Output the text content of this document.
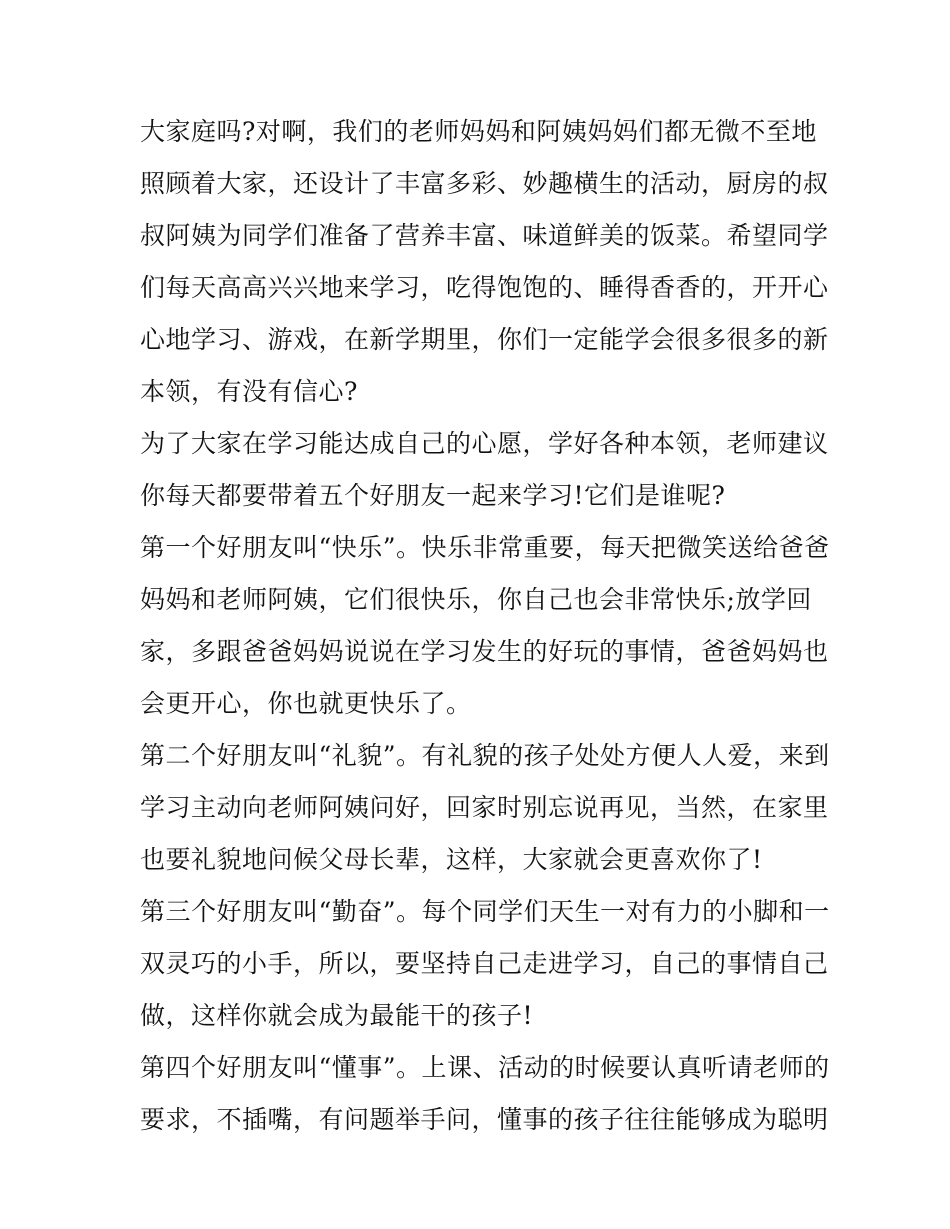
大家庭吗?对啊，我们的老师妈妈和阿姨妈妈们都无微不至地
照顾着大家，还设计了丰富多彩、妙趣横生的活动，厨房的叔
叔阿姨为同学们准备了营养丰富、味道鲜美的饭菜。希望同学
们每天高高兴兴地来学习，吃得饱饱的、睡得香香的，开开心
心地学习、游戏，在新学期里，你们一定能学会很多很多的新
本领，有没有信心?
为了大家在学习能达成自己的心愿，学好各种本领，老师建议
你每天都要带着五个好朋友一起来学习!它们是谁呢?
第一个好朋友叫“快乐”。快乐非常重要，每天把微笑送给爸爸
妈妈和老师阿姨，它们很快乐，你自己也会非常快乐;放学回
家，多跟爸爸妈妈说说在学习发生的好玩的事情，爸爸妈妈也
会更开心，你也就更快乐了。
第二个好朋友叫“礼貌”。有礼貌的孩子处处方便人人爱，来到
学习主动向老师阿姨问好，回家时别忘说再见，当然，在家里
也要礼貌地问候父母长辈，这样，大家就会更喜欢你了!
第三个好朋友叫“勤奋”。每个同学们天生一对有力的小脚和一
双灵巧的小手，所以，要坚持自己走进学习，自己的事情自己
做，这样你就会成为最能干的孩子!
第四个好朋友叫“懂事”。上课、活动的时候要认真听请老师的
要求，不插嘴，有问题举手问，懂事的孩子往往能够成为聪明
